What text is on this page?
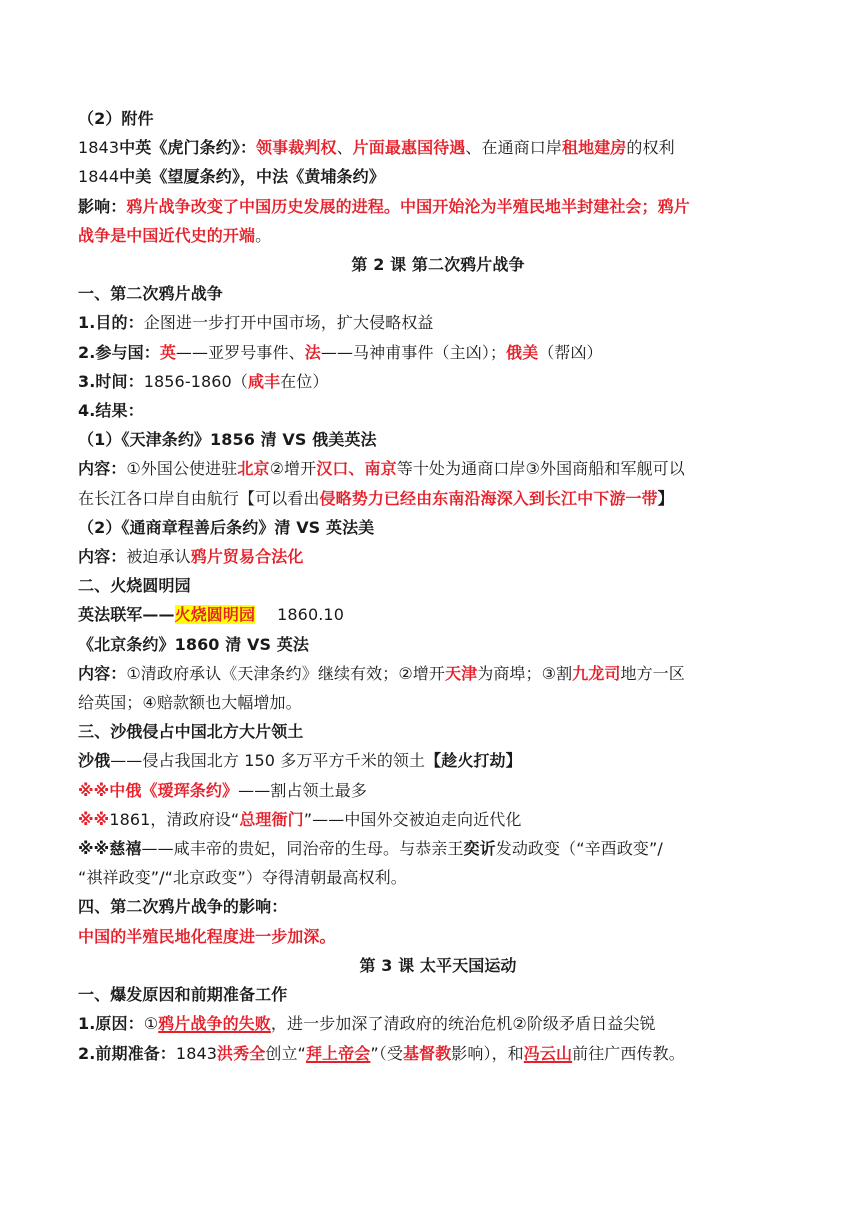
（2）附件
1843中英《虎门条约》：领事裁判权、片面最惠国待遇、在通商口岸租地建房的权利
1844中美《望厦条约》，中法《黄埔条约》
影响：鸦片战争改变了中国历史发展的进程。中国开始沦为半殖民地半封建社会；鸦片
战争是中国近代史的开端。
第 2 课 第二次鸦片战争
一、第二次鸦片战争
1.目的：企图进一步打开中国市场，扩大侵略权益
2.参与国：英——亚罗号事件、法——马神甫事件（主凶）；俄美（帮凶）
3.时间：1856-1860（咸丰在位）
4.结果：
（1）《天津条约》1856 清 VS 俄美英法
内容：①外国公使进驻北京②增开汉口、南京等十处为通商口岸③外国商船和军舰可以
在长江各口岸自由航行【可以看出侵略势力已经由东南沿海深入到长江中下游一带】
（2）《通商章程善后条约》清 VS 英法美
内容：被迫承认鸦片贸易合法化
二、火烧圆明园
英法联军——火烧圆明园 1860.10
《北京条约》1860 清 VS 英法
内容：①清政府承认《天津条约》继续有效；②增开天津为商埠；③割九龙司地方一区
给英国；④赔款额也大幅增加。
三、沙俄侵占中国北方大片领土
沙俄——侵占我国北方 150 多万平方千米的领土【趁火打劫】
※※中俄《瑷珲条约》——割占领土最多
※※1861，清政府设“总理衙门”——中国外交被迫走向近代化
※※慈禧——咸丰帝的贵妃，同治帝的生母。与恭亲王奕䜣发动政变（“辛酉政变”/
“祺祥政变”/“北京政变”）夺得清朝最高权利。
四、第二次鸦片战争的影响：
中国的半殖民地化程度进一步加深。
第 3 课 太平天国运动
一、爆发原因和前期准备工作
1.原因：①鸦片战争的失败，进一步加深了清政府的统治危机②阶级矛盾日益尖锐
2.前期准备：1843洪秀全创立“拜上帝会”（受基督教影响），和冯云山前往广西传教。
